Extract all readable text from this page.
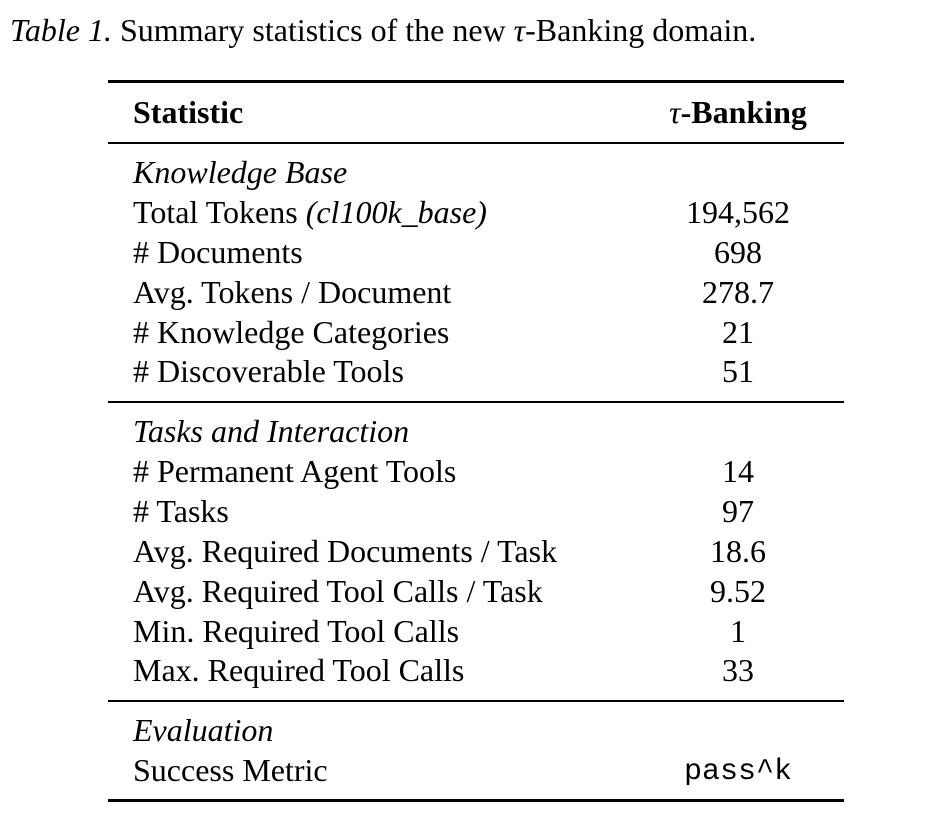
Table 1. Summary statistics of the new τ-Banking domain.
Statistic	τ-Banking
Knowledge Base
Total Tokens (cl100k_base)	194,562
# Documents	698
Avg. Tokens / Document	278.7
# Knowledge Categories	21
# Discoverable Tools	51
Tasks and Interaction
# Permanent Agent Tools	14
# Tasks	97
Avg. Required Documents / Task	18.6
Avg. Required Tool Calls / Task	9.52
Min. Required Tool Calls	1
Max. Required Tool Calls	33
Evaluation
Success Metric	pass^k
